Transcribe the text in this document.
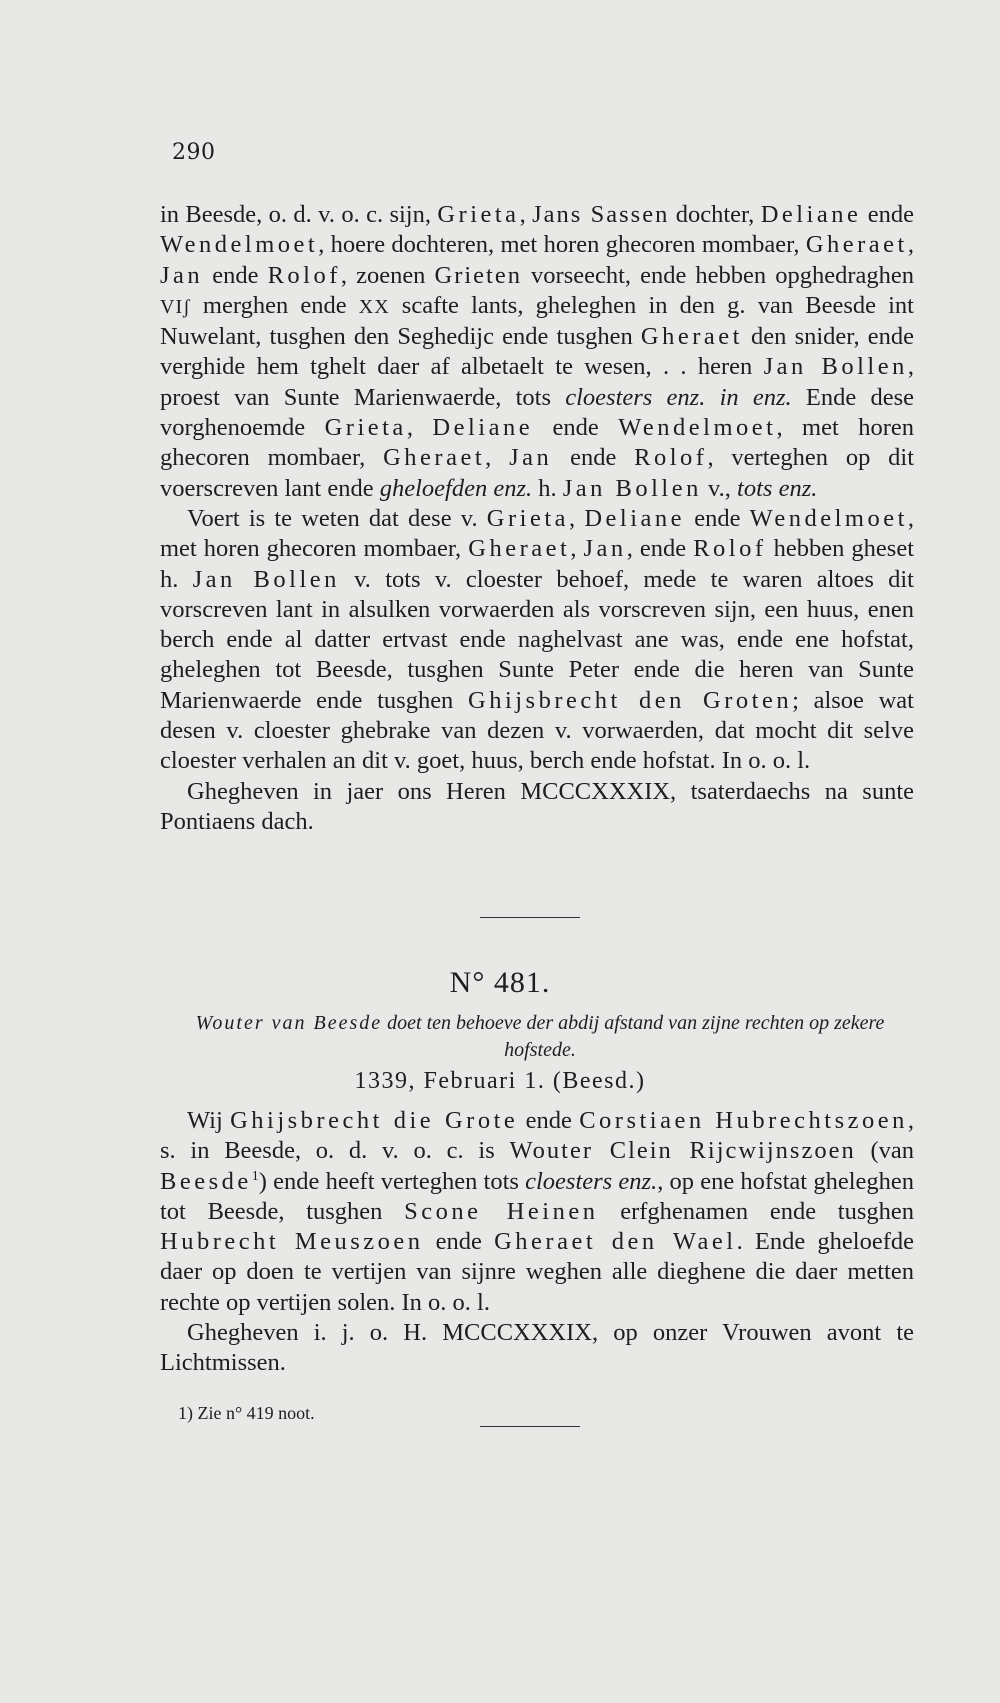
290

in Beesde, o. d. v. o. c. sijn, Grieta, Jans Sassen dochter, Deliane ende Wendelmoet, hoere dochteren, met horen ghecoren mombaer, Gheraet, Jan ende Rolof, zoenen Grieten vorseecht, ende hebben opghedraghen VIʃ merghen ende XX scafte lants, gheleghen in den g. van Beesde int Nuwelant, tusghen den Seghedijc ende tusghen Gheraet den snider, ende verghide hem tghelt daer af albetaelt te wesen, . . heren Jan Bollen, proest van Sunte Marienwaerde, tots cloesters enz. in enz. Ende dese vorghenoemde Grieta, Deliane ende Wendelmoet, met horen ghecoren mombaer, Gheraet, Jan ende Rolof, verteghen op dit voerscreven lant ende gheloefden enz. h. Jan Bollen v., tots enz.

Voert is te weten dat dese v. Grieta, Deliane ende Wendelmoet, met horen ghecoren mombaer, Gheraet, Jan, ende Rolof hebben gheset h. Jan Bollen v. tots v. cloester behoef, mede te waren altoes dit vorscreven lant in alsulken vorwaerden als vorscreven sijn, een huus, enen berch ende al datter ertvast ende naghelvast ane was, ende ene hofstat, gheleghen tot Beesde, tusghen Sunte Peter ende die heren van Sunte Marienwaerde ende tusghen Ghijsbrecht den Groten; alsoe wat desen v. cloester ghebrake van dezen v. vorwaerden, dat mocht dit selve cloester verhalen an dit v. goet, huus, berch ende hofstat. In o. o. l.

Ghegheven in jaer ons Heren MCCCXXXIX, tsaterdaechs na sunte Pontiaens dach.

N° 481.
Wouter van Beesde doet ten behoeve der abdij afstand van zijne rechten op zekere hofstede.
1339, Februari 1. (Beesd.)

Wij Ghijsbrecht die Grote ende Corstiaen Hubrechtszoen, s. in Beesde, o. d. v. o. c. is Wouter Clein Rijcwijnszoen (van Beesde$^1$) ende heeft verteghen tots cloesters enz., op ene hofstat gheleghen tot Beesde, tusghen Scone Heinen erfghenamen ende tusghen Hubrecht Meuszoen ende Gheraet den Wael. Ende gheloefde daer op doen te vertijen van sijnre weghen alle dieghene die daer metten rechte op vertijen solen. In o. o. l.

Ghegheven i. j. o. H. MCCCXXXIX, op onzer Vrouwen avont te Lichtmissen.

1) Zie n° 419 noot.
